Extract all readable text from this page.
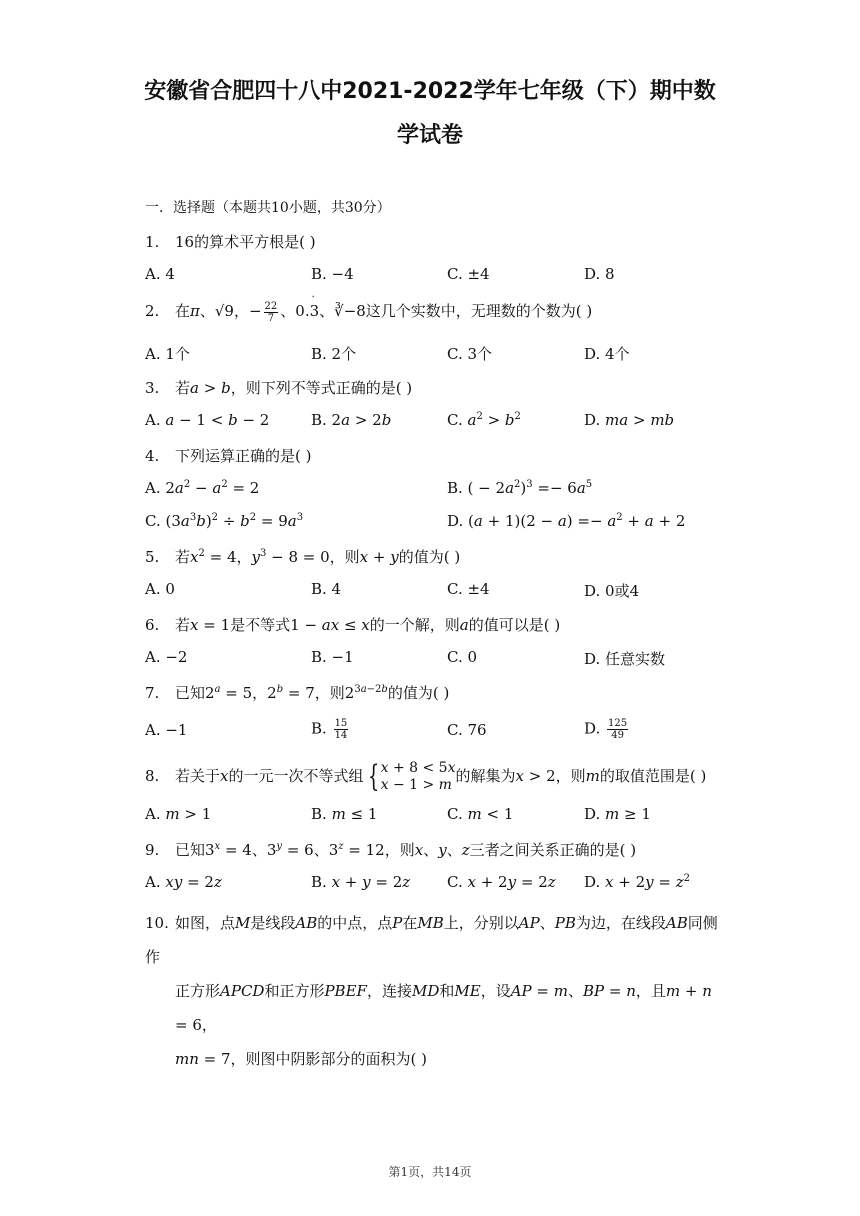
安徽省合肥四十八中2021-2022学年七年级（下）期中数
学试卷
一．选择题（本题共10小题，共30分）
1. 16的算术平方根是( )
A. 4	B. −4	C. ±4	D. 8
2. 在π、√9，− $\frac{22}{7}$ 、0.3
·
、∛−8这几个实数中，无理数的个数为( )
A. 1个	B. 2个	C. 3个	D. 4个
3. 若a > b，则下列不等式正确的是( )
A. a − 1 < b − 2	B. 2a > 2b	C. $a^2 > b^2$	D. ma > mb
4. 下列运算正确的是( )
A. $2a^2 - a^2 = 2$	B. ( − $2a^2)^3 =- 6a^5$
C. $(3a^3b)^2 \div b^2 = 9a^3$	D. $(a + 1)(2 - a) =- a^2 + a + 2$
5. 若$x^2 = 4$，$y^3 - 8 = 0$，则x + y的值为( )
A. 0	B. 4	C. ±4	D. 0或4
6. 若x = 1是不等式1 − ax ≤ x的一个解，则a的值可以是( )
A. −2	B. −1	C. 0	D. 任意实数
7. 已知$2^a = 5$，$2^b = 7$，则$2^{3a-2b}$的值为( )
A. −1	B. $\frac{15}{14}$	C. 76	D. $\frac{125}{49}$
8. 若关于x的一元一次不等式组 { x + 8 < 5x
x − 1 > m 的解集为x > 2，则m的取值范围是( )
A. m > 1	B. m ≤ 1	C. m < 1	D. m ≥ 1
9. 已知$3^x = 4$、$3^y = 6$、$3^z = 12$，则x、y、z三者之间关系正确的是( )
A. xy = 2z	B. x + y = 2z C. x + 2y = 2z D. $x + 2y = z^2$
10. 如图，点M是线段AB的中点，点P在MB上，分别以AP、PB为边，在线段AB同侧作
正方形APCD和正方形PBEF，连接MD和ME，设AP = m、BP = n，且m + n = 6，
mn = 7，则图中阴影部分的面积为( )
第1页，共14页
